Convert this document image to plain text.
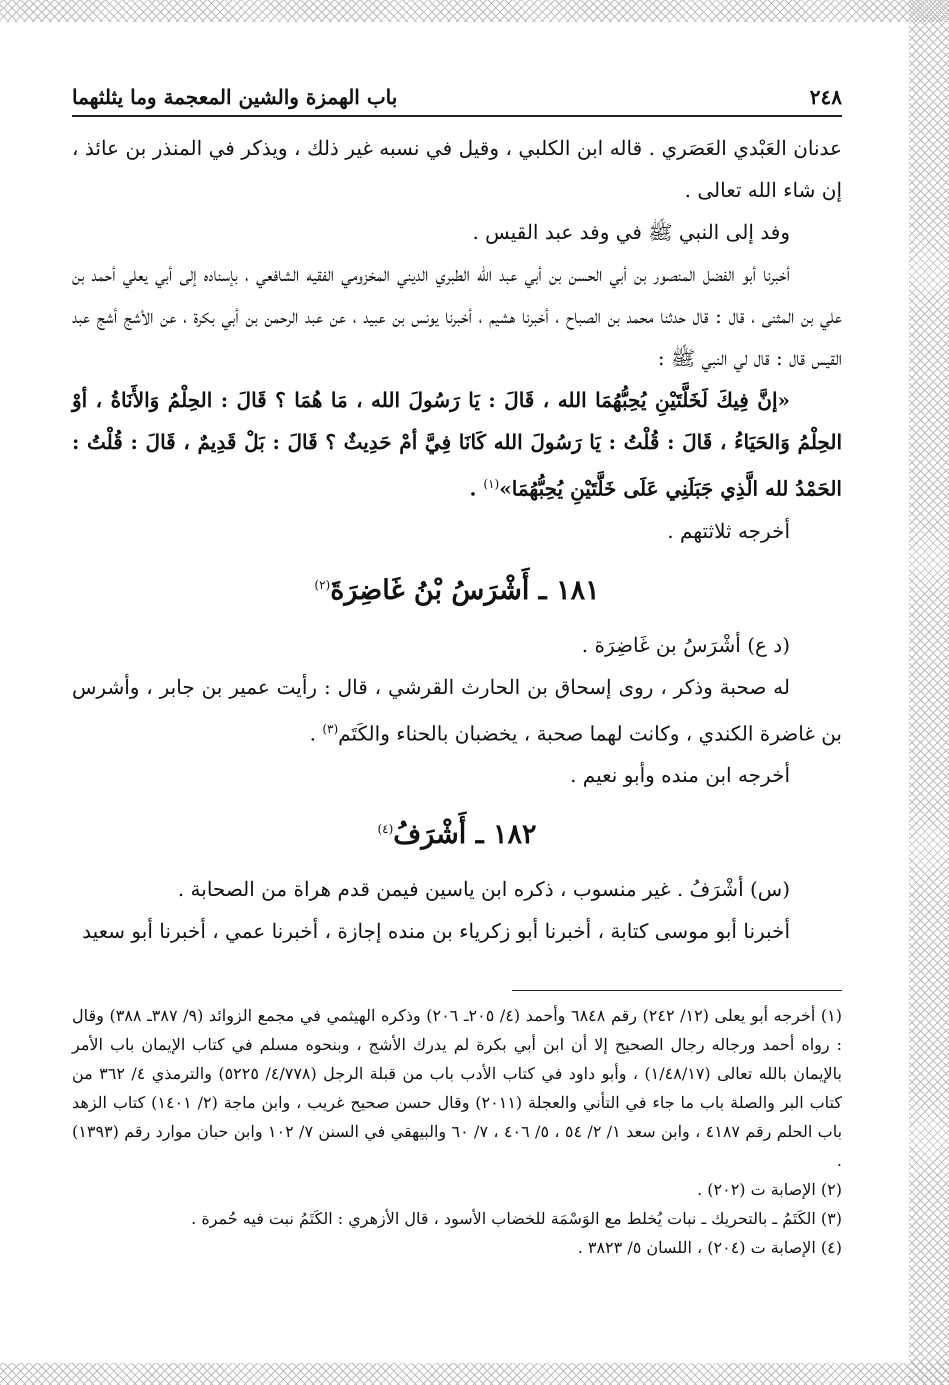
٢٤٨
باب الهمزة والشين المعجمة وما يثلثهما

عدنان العَبْدي العَصَري . قاله ابن الكلبي ، وقيل في نسبه غير ذلك ، ويذكر في المنذر بن عائذ ، إن شاء الله تعالى .

وفد إلى النبي ﷺ في وفد عبد القيس .

أخبرنا أبو الفضل المنصور بن أبي الحسن بن أبي عبد الله الطبري الديني المخزومي الفقيه الشافعي ، بإسناده إلى أبي يعلي أحمد بن علي بن المثنى ، قال : قال حدثنا محمد بن الصباح ، أخبرنا هشيم ، أخبرنا يونس بن عبيد ، عن عبد الرحمن بن أبي بكرة ، عن الأشج أشج عبد القيس قال : قال لي النبي ﷺ :

«إنَّ فِيكَ لَخَلَّتَيْنِ يُحِبُّهُمَا الله ، قَالَ : يَا رَسُولَ الله ، مَا هُمَا ؟ قَالَ : الحِلْمُ وَالأَنَاةُ ، أوْ الحِلْمُ وَالحَيَاءُ ، قَالَ : قُلْتُ : يَا رَسُولَ الله كَانَا فِيَّ أمْ حَدِيثٌ ؟ قَالَ : بَلْ قَدِيمٌ ، قَالَ : قُلْتُ : الحَمْدُ لله الَّذِي جَبَلَنِي عَلَى خَلَّتَيْنِ يُحِبُّهُمَا»$^{(١)}$ .

أخرجه ثلاثتهم .

١٨١ ـ أَشْرَسُ بْنُ غَاضِرَةَ$^{(٢)}$

(د ع) أشْرَسُ بن غَاضِرَة .

له صحبة وذكر ، روى إسحاق بن الحارث القرشي ، قال : رأيت عمير بن جابر ، وأشرس بن غاضرة الكندي ، وكانت لهما صحبة ، يخضبان بالحناء والكَتَم$^{(٣)}$ .

أخرجه ابن منده وأبو نعيم .

١٨٢ ـ أَشْرَفُ$^{(٤)}$

(س) أشْرَفُ . غير منسوب ، ذكره ابن ياسين فيمن قدم هراة من الصحابة .

أخبرنا أبو موسى كتابة ، أخبرنا أبو زكرياء بن منده إجازة ، أخبرنا عمي ، أخبرنا أبو سعيد

(١) أخرجه أبو يعلى (١٢/ ٢٤٢) رقم ٦٨٤٨ وأحمد (٤/ ٢٠٥ـ ٢٠٦) وذكره الهيثمي في مجمع الزوائد (٩/ ٣٨٧ـ ٣٨٨) وقال : رواه أحمد ورجاله رجال الصحيح إلا أن ابن أبي بكرة لم يدرك الأشج ، وبنحوه مسلم في كتاب الإيمان باب الأمر بالإيمان بالله تعالى (١/٤٨/١٧) ، وأبو داود في كتاب الأدب باب من قبلة الرجل (٤/٧٧٨/ ٥٢٢٥) والترمذي ٤/ ٣٦٢ من كتاب البر والصلة باب ما جاء في التأني والعجلة (٢٠١١) وقال حسن صحيح غريب ، وابن ماجة (٢/ ١٤٠١) كتاب الزهد باب الحلم رقم ٤١٨٧ ، وابن سعد ١/ ٢/ ٥٤ ، ٥/ ٤٠٦ ، ٧/ ٦٠ والبيهقي في السنن ٧/ ١٠٢ وابن حبان موارد رقم (١٣٩٣) .

(٢) الإصابة ت (٢٠٢) .

(٣) الكَتَمُ ـ بالتحريك ـ نبات يُخلط مع الوَسْمَة للخضاب الأسود ، قال الأزهري : الكَتَمُ نبت فيه حُمرة .

(٤) الإصابة ت (٢٠٤) ، اللسان ٥/ ٣٨٢٣ .
